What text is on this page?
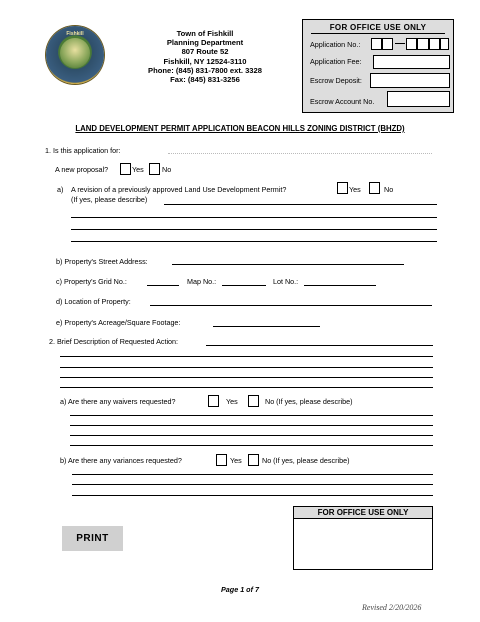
Fishkill	Town of Fishkill
Planning Department
807 Route 52
Fishkill, NY 12524-3110
Phone: (845) 831-7800 ext. 3328
Fax: (845) 831-3256
FOR OFFICE USE ONLY
Application No.:
Application Fee:
Escrow Deposit:
Escrow Account No.
LAND DEVELOPMENT PERMIT APPLICATION BEACON HILLS ZONING DISTRICT (BHZD)
1. Is this application for:
A new proposal?	Yes	No
a) A revision of a previously approved Land Use Development Permit?	Yes	No
(If yes, please describe)
b) Property's Street Address:
c) Property's Grid No.:	Map No.:	Lot No.:
d) Location of Property:
e) Property's Acreage/Square Footage:
2. Brief Description of Requested Action:
a) Are there any waivers requested?	Yes	No (If yes, please describe)
b) Are there any variances requested?	Yes	No (If yes, please describe)
PRINT
FOR OFFICE USE ONLY
Page 1 of 7
Revised 2/20/2026
